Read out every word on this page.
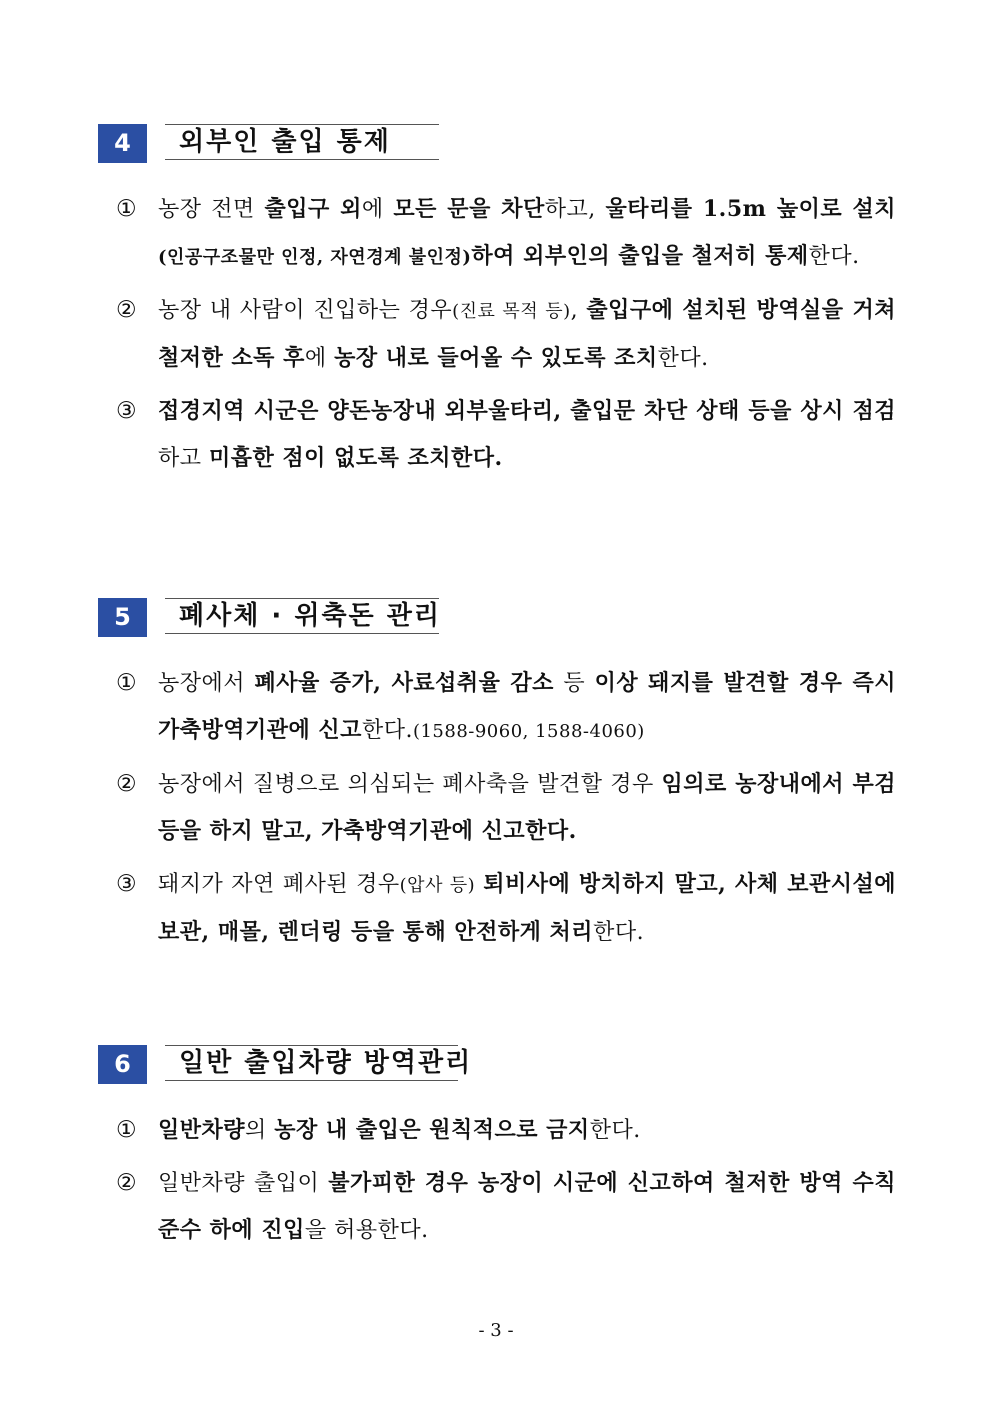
4	외부인 출입 통제
① 농장 전면 출입구 외에 모든 문을 차단하고, 울타리를 1.5m 높이로 설치(인공구조물만 인정, 자연경계 불인정)하여 외부인의 출입을 철저히 통제한다.
② 농장 내 사람이 진입하는 경우(진료 목적 등), 출입구에 설치된 방역실을 거쳐 철저한 소독 후에 농장 내로 들어올 수 있도록 조치한다.
③ 접경지역 시군은 양돈농장내 외부울타리, 출입문 차단 상태 등을 상시 점검하고 미흡한 점이 없도록 조치한다.
5	폐사체 · 위축돈 관리
① 농장에서 폐사율 증가, 사료섭취율 감소 등 이상 돼지를 발견할 경우 즉시 가축방역기관에 신고한다.(1588-9060, 1588-4060)
② 농장에서 질병으로 의심되는 폐사축을 발견할 경우 임의로 농장내에서 부검 등을 하지 말고, 가축방역기관에 신고한다.
③ 돼지가 자연 폐사된 경우(압사 등) 퇴비사에 방치하지 말고, 사체 보관시설에 보관, 매몰, 렌더링 등을 통해 안전하게 처리한다.
6	일반 출입차량 방역관리
① 일반차량의 농장 내 출입은 원칙적으로 금지한다.
② 일반차량 출입이 불가피한 경우 농장이 시군에 신고하여 철저한 방역 수칙 준수 하에 진입을 허용한다.
- 3 -
